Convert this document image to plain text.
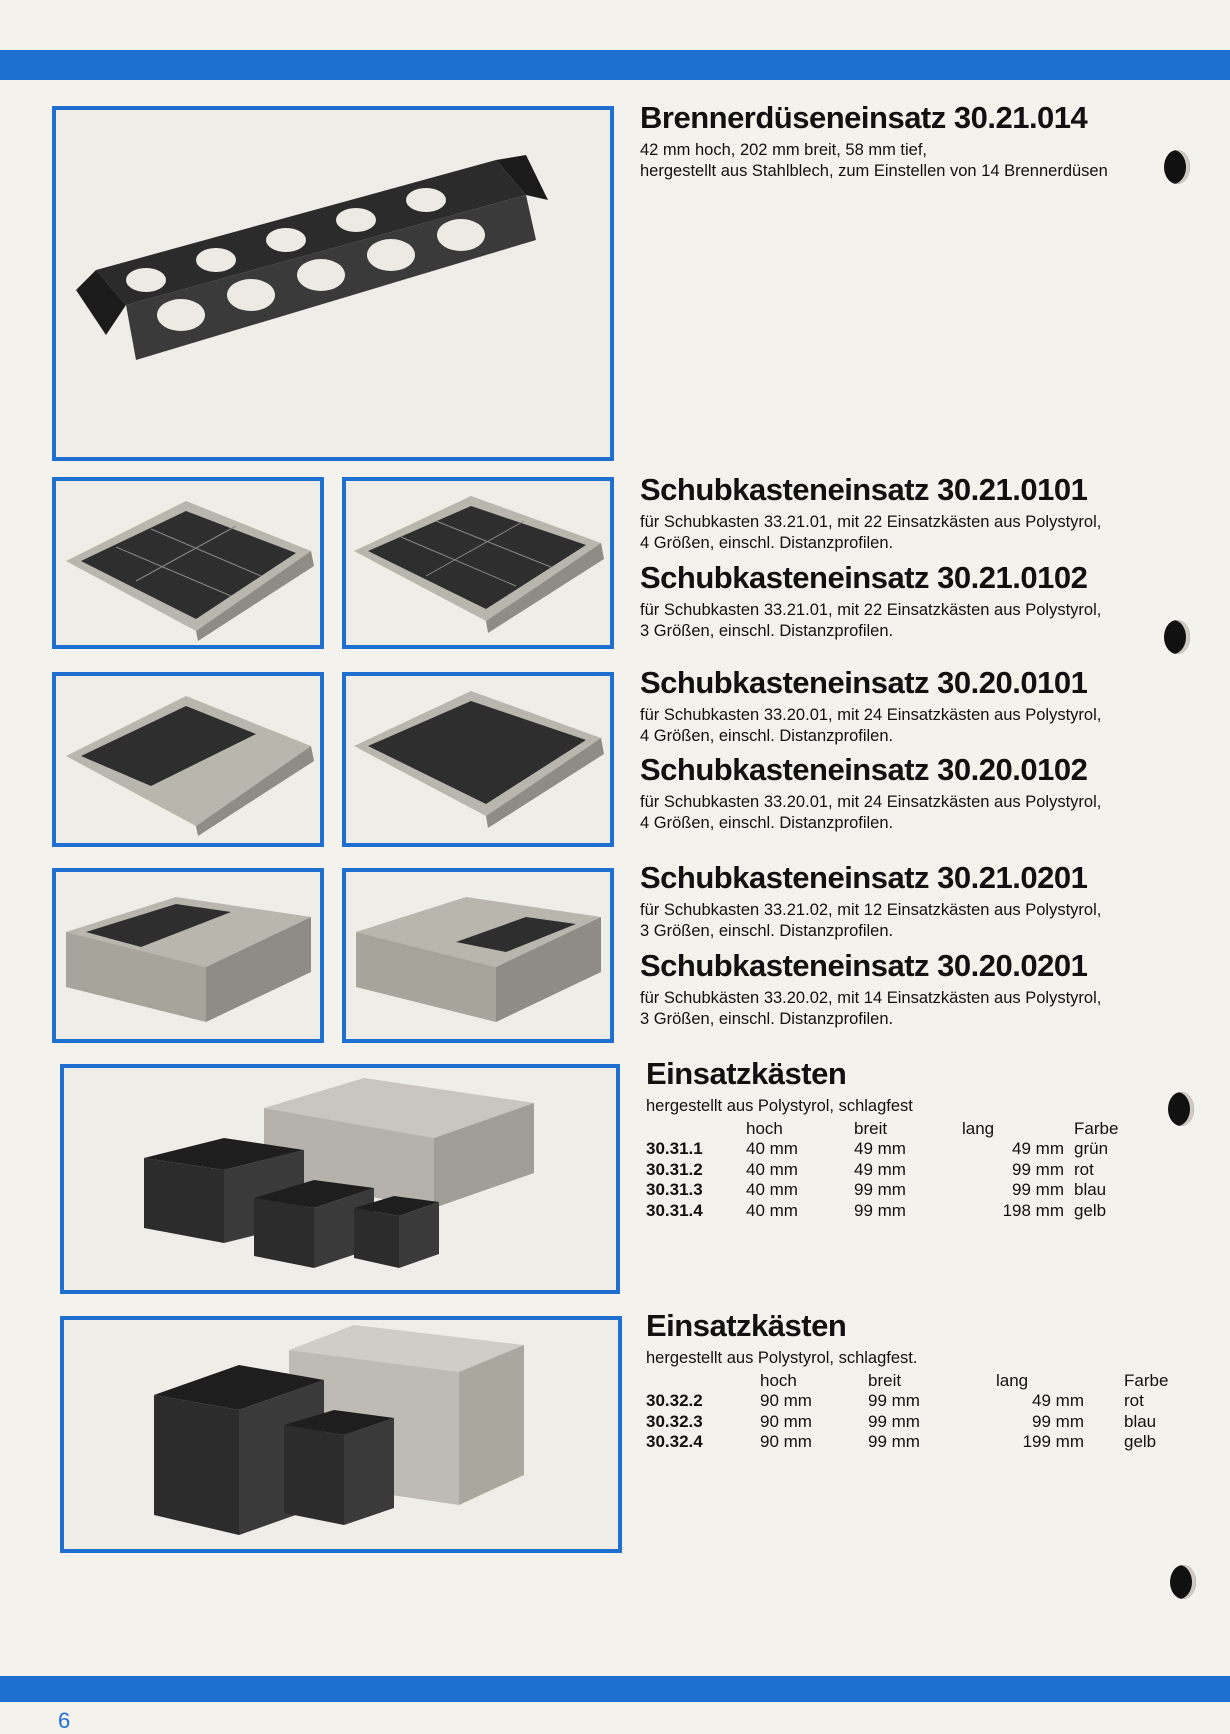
Brennerdüseneinsatz 30.21.014

42 mm hoch, 202 mm breit, 58 mm tief,
hergestellt aus Stahlblech, zum Einstellen von 14 Brennerdüsen

Schubkasteneinsatz 30.21.0101

für Schubkasten 33.21.01, mit 22 Einsatzkästen aus Polystyrol,
4 Größen, einschl. Distanzprofilen.

Schubkasteneinsatz 30.21.0102

für Schubkasten 33.21.01, mit 22 Einsatzkästen aus Polystyrol,
3 Größen, einschl. Distanzprofilen.

Schubkasteneinsatz 30.20.0101

für Schubkasten 33.20.01, mit 24 Einsatzkästen aus Polystyrol,
4 Größen, einschl. Distanzprofilen.

Schubkasteneinsatz 30.20.0102

für Schubkasten 33.20.01, mit 24 Einsatzkästen aus Polystyrol,
4 Größen, einschl. Distanzprofilen.

Schubkasteneinsatz 30.21.0201

für Schubkasten 33.21.02, mit 12 Einsatzkästen aus Polystyrol,
3 Größen, einschl. Distanzprofilen.

Schubkasteneinsatz 30.20.0201

für Schubkästen 33.20.02, mit 14 Einsatzkästen aus Polystyrol,
3 Größen, einschl. Distanzprofilen.

Einsatzkästen

hergestellt aus Polystyrol, schlagfest

	hoch	breit	lang	Farbe
30.31.1	40 mm	49 mm	49 mm	grün
30.31.2	40 mm	49 mm	99 mm	rot
30.31.3	40 mm	99 mm	99 mm	blau
30.31.4	40 mm	99 mm	198 mm	gelb
Einsatzkästen

hergestellt aus Polystyrol, schlagfest.

	hoch	breit	lang	Farbe
30.32.2	90 mm	99 mm	49 mm	rot
30.32.3	90 mm	99 mm	99 mm	blau
30.32.4	90 mm	99 mm	199 mm	gelb
6
